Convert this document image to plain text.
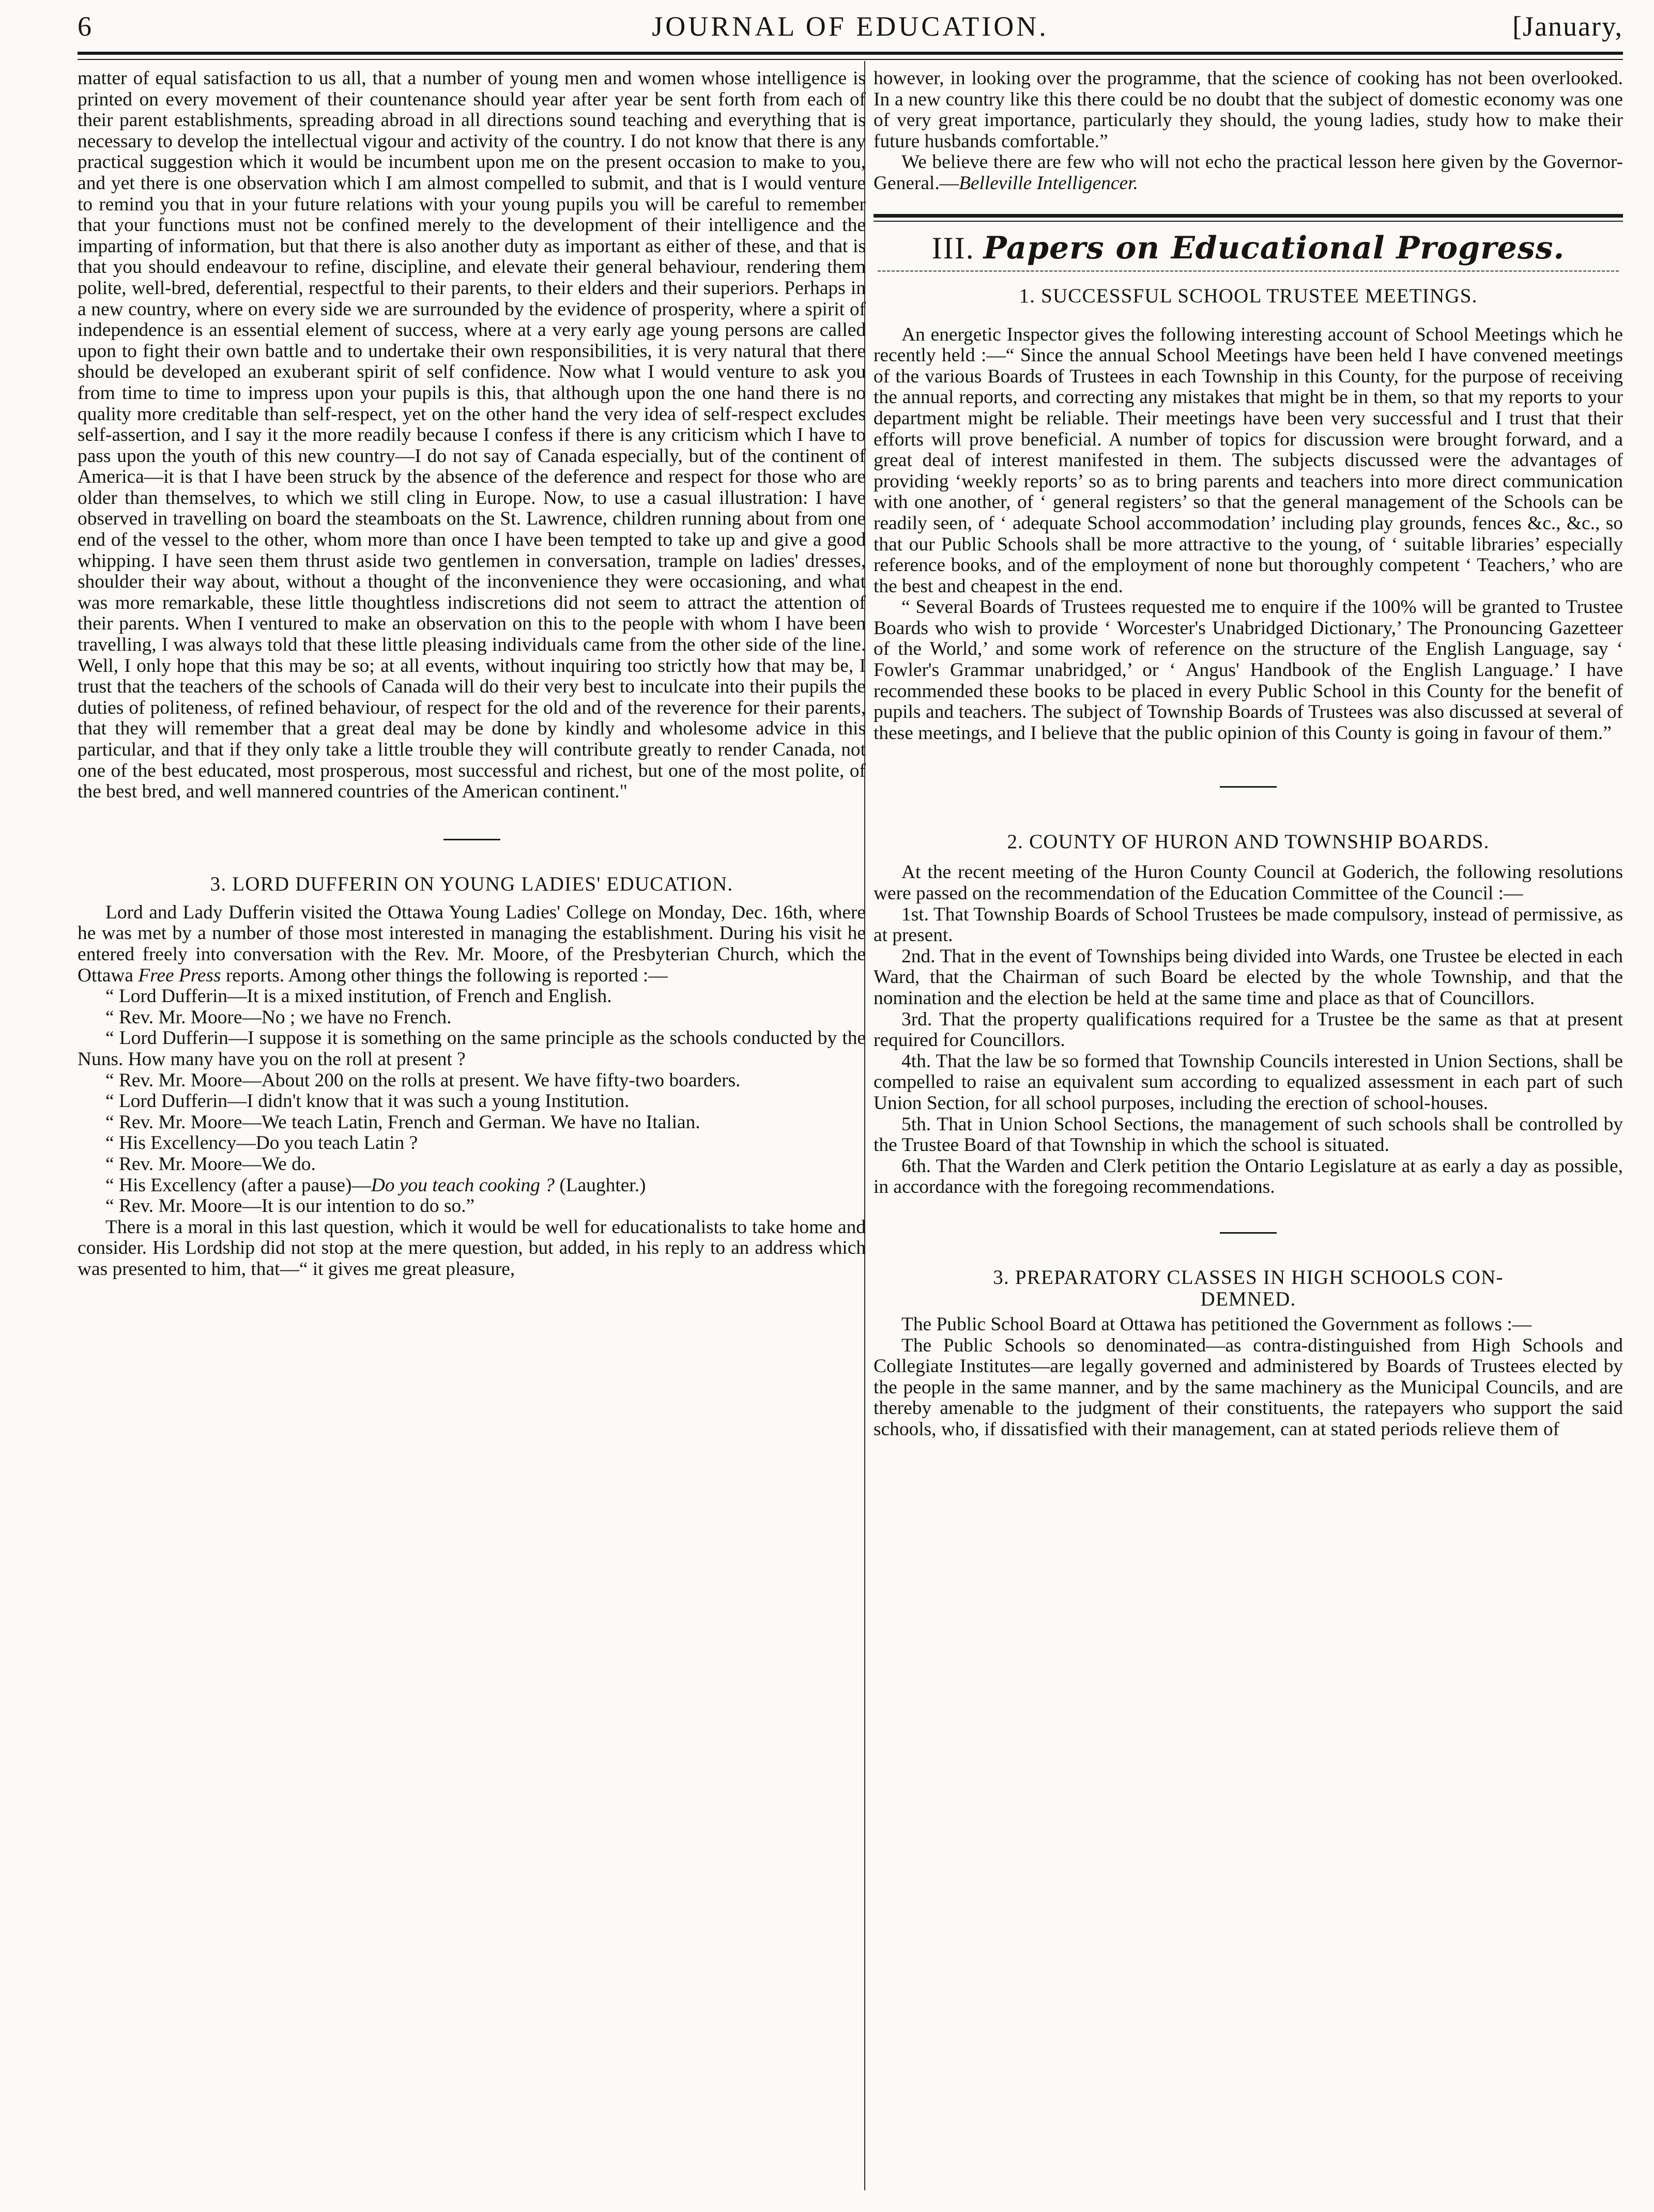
6	JOURNAL OF EDUCATION.	[January,

matter of equal satisfaction to us all, that a number of young men and women whose intelligence is printed on every movement of their countenance should year after year be sent forth from each of their parent establishments, spreading abroad in all directions sound teaching and everything that is necessary to develop the intellectual vigour and activity of the country. I do not know that there is any practical suggestion which it would be incumbent upon me on the present occasion to make to you, and yet there is one observation which I am almost compelled to submit, and that is I would venture to remind you that in your future relations with your young pupils you will be careful to remember that your functions must not be confined merely to the development of their intelligence and the imparting of information, but that there is also another duty as important as either of these, and that is that you should endeavour to refine, discipline, and elevate their general behaviour, rendering them polite, well-bred, deferential, respectful to their parents, to their elders and their superiors. Perhaps in a new country, where on every side we are surrounded by the evidence of prosperity, where a spirit of independence is an essential element of success, where at a very early age young persons are called upon to fight their own battle and to undertake their own responsibilities, it is very natural that there should be developed an exuberant spirit of self confidence. Now what I would venture to ask you from time to time to impress upon your pupils is this, that although upon the one hand there is no quality more creditable than self-respect, yet on the other hand the very idea of self-respect excludes self-assertion, and I say it the more readily because I confess if there is any criticism which I have to pass upon the youth of this new country—I do not say of Canada especially, but of the continent of America—it is that I have been struck by the absence of the deference and respect for those who are older than themselves, to which we still cling in Europe. Now, to use a casual illustration: I have observed in travelling on board the steamboats on the St. Lawrence, children running about from one end of the vessel to the other, whom more than once I have been tempted to take up and give a good whipping. I have seen them thrust aside two gentlemen in conversation, trample on ladies' dresses, shoulder their way about, without a thought of the inconvenience they were occasioning, and what was more remarkable, these little thoughtless indiscretions did not seem to attract the attention of their parents. When I ventured to make an observation on this to the people with whom I have been travelling, I was always told that these little pleasing individuals came from the other side of the line. Well, I only hope that this may be so; at all events, without inquiring too strictly how that may be, I trust that the teachers of the schools of Canada will do their very best to inculcate into their pupils the duties of politeness, of refined behaviour, of respect for the old and of the reverence for their parents, that they will remember that a great deal may be done by kindly and wholesome advice in this particular, and that if they only take a little trouble they will contribute greatly to render Canada, not one of the best educated, most prosperous, most successful and richest, but one of the most polite, of the best bred, and well mannered countries of the American continent."

3. LORD DUFFERIN ON YOUNG LADIES' EDUCATION.

Lord and Lady Dufferin visited the Ottawa Young Ladies' College on Monday, Dec. 16th, where he was met by a number of those most interested in managing the establishment. During his visit he entered freely into conversation with the Rev. Mr. Moore, of the Presbyterian Church, which the Ottawa Free Press reports. Among other things the following is reported :—

“ Lord Dufferin—It is a mixed institution, of French and English.

“ Rev. Mr. Moore—No ; we have no French.

“ Lord Dufferin—I suppose it is something on the same principle as the schools conducted by the Nuns. How many have you on the roll at present ?

“ Rev. Mr. Moore—About 200 on the rolls at present. We have fifty-two boarders.

“ Lord Dufferin—I didn't know that it was such a young Institution.

“ Rev. Mr. Moore—We teach Latin, French and German. We have no Italian.

“ His Excellency—Do you teach Latin ?

“ Rev. Mr. Moore—We do.

“ His Excellency (after a pause)—Do you teach cooking ? (Laughter.)

“ Rev. Mr. Moore—It is our intention to do so.”

There is a moral in this last question, which it would be well for educationalists to take home and consider. His Lordship did not stop at the mere question, but added, in his reply to an address which was presented to him, that—“ it gives me great pleasure,

however, in looking over the programme, that the science of cooking has not been overlooked. In a new country like this there could be no doubt that the subject of domestic economy was one of very great importance, particularly they should, the young ladies, study how to make their future husbands comfortable.”

We believe there are few who will not echo the practical lesson here given by the Governor-General.—Belleville Intelligencer.

III. Papers on Educational Progress.
1. SUCCESSFUL SCHOOL TRUSTEE MEETINGS.

An energetic Inspector gives the following interesting account of School Meetings which he recently held :—“ Since the annual School Meetings have been held I have convened meetings of the various Boards of Trustees in each Township in this County, for the purpose of receiving the annual reports, and correcting any mistakes that might be in them, so that my reports to your department might be reliable. Their meetings have been very successful and I trust that their efforts will prove beneficial. A number of topics for discussion were brought forward, and a great deal of interest manifested in them. The subjects discussed were the advantages of providing ‘weekly reports’ so as to bring parents and teachers into more direct communication with one another, of ‘ general registers’ so that the general management of the Schools can be readily seen, of ‘ adequate School accommodation’ including play grounds, fences &c., &c., so that our Public Schools shall be more attractive to the young, of ‘ suitable libraries’ especially reference books, and of the employment of none but thoroughly competent ‘ Teachers,’ who are the best and cheapest in the end.

“ Several Boards of Trustees requested me to enquire if the 100% will be granted to Trustee Boards who wish to provide ‘ Worcester's Unabridged Dictionary,’ The Pronouncing Gazetteer of the World,’ and some work of reference on the structure of the English Language, say ‘ Fowler's Grammar unabridged,’ or ‘ Angus' Handbook of the English Language.’ I have recommended these books to be placed in every Public School in this County for the benefit of pupils and teachers. The subject of Township Boards of Trustees was also discussed at several of these meetings, and I believe that the public opinion of this County is going in favour of them.”

2. COUNTY OF HURON AND TOWNSHIP BOARDS.

At the recent meeting of the Huron County Council at Goderich, the following resolutions were passed on the recommendation of the Education Committee of the Council :—

1st. That Township Boards of School Trustees be made compulsory, instead of permissive, as at present.

2nd. That in the event of Townships being divided into Wards, one Trustee be elected in each Ward, that the Chairman of such Board be elected by the whole Township, and that the nomination and the election be held at the same time and place as that of Councillors.

3rd. That the property qualifications required for a Trustee be the same as that at present required for Councillors.

4th. That the law be so formed that Township Councils interested in Union Sections, shall be compelled to raise an equivalent sum according to equalized assessment in each part of such Union Section, for all school purposes, including the erection of school-houses.

5th. That in Union School Sections, the management of such schools shall be controlled by the Trustee Board of that Township in which the school is situated.

6th. That the Warden and Clerk petition the Ontario Legislature at as early a day as possible, in accordance with the foregoing recommendations.

3. PREPARATORY CLASSES IN HIGH SCHOOLS CON-
DEMNED.

The Public School Board at Ottawa has petitioned the Government as follows :—

The Public Schools so denominated—as contra-distinguished from High Schools and Collegiate Institutes—are legally governed and administered by Boards of Trustees elected by the people in the same manner, and by the same machinery as the Municipal Councils, and are thereby amenable to the judgment of their constituents, the ratepayers who support the said schools, who, if dissatisfied with their management, can at stated periods relieve them of
